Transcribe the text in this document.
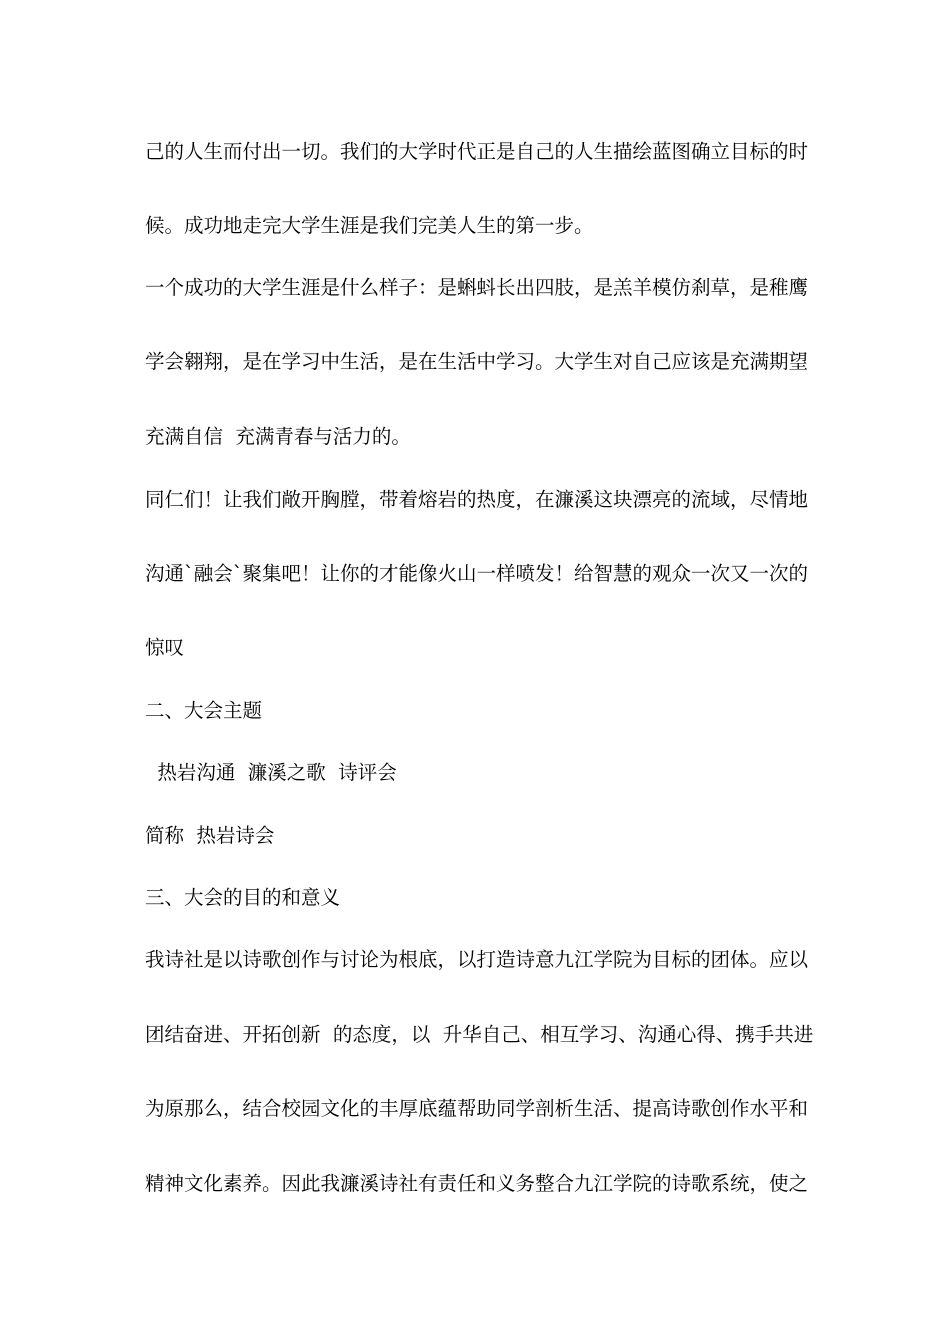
己的人生而付出一切。我们的大学时代正是自己的人生描绘蓝图确立目标的时
候。成功地走完大学生涯是我们完美人生的第一步。
一个成功的大学生涯是什么样子：是蝌蚪长出四肢，是羔羊模仿刹草，是稚鹰
学会翱翔，是在学习中生活，是在生活中学习。大学生对自己应该是充满期望
充满自信  充满青春与活力的。
同仁们！让我们敞开胸膛，带着熔岩的热度，在濂溪这块漂亮的流域，尽情地
沟通`融会`聚集吧！让你的才能像火山一样喷发！给智慧的观众一次又一次的
惊叹
二、大会主题
热岩沟通  濂溪之歌  诗评会
简称  热岩诗会
三、大会的目的和意义
我诗社是以诗歌创作与讨论为根底，以打造诗意九江学院为目标的团体。应以
团结奋进、开拓创新  的态度，以  升华自己、相互学习、沟通心得、携手共进
为原那么，结合校园文化的丰厚底蕴帮助同学剖析生活、提高诗歌创作水平和
精神文化素养。因此我濂溪诗社有责任和义务整合九江学院的诗歌系统，使之
